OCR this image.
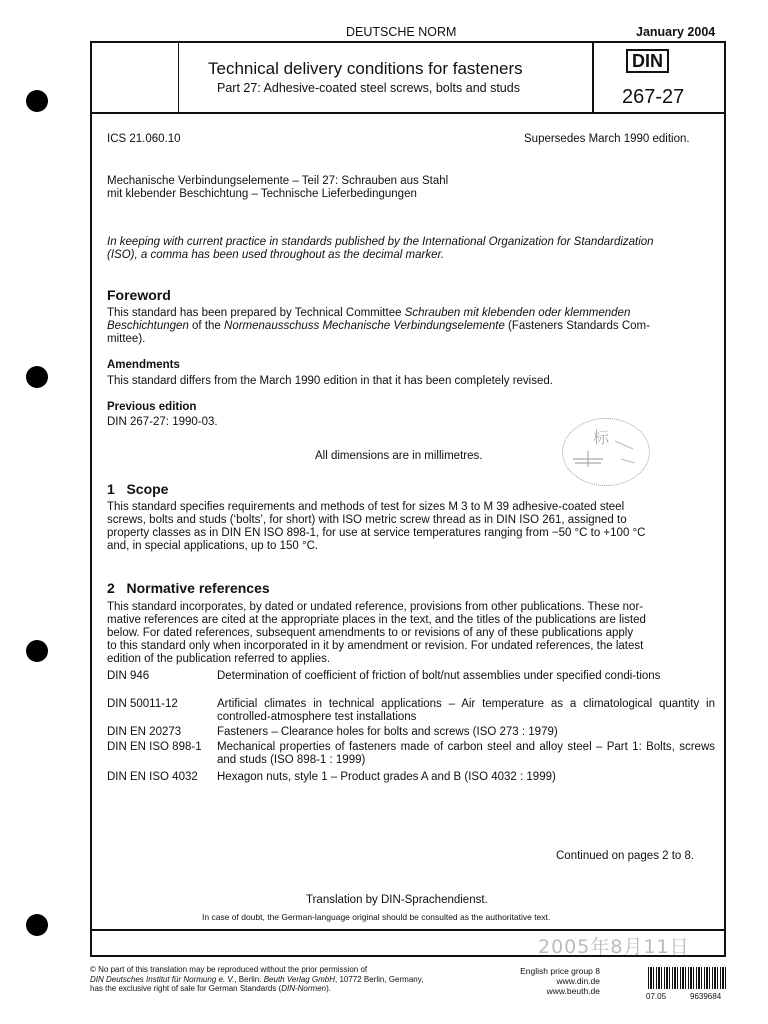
DEUTSCHE NORM	January 2004
Technical delivery conditions for fasteners
Part 27: Adhesive-coated steel screws, bolts and studs
DIN
267-27
ICS 21.060.10	Supersedes March 1990 edition.
Mechanische Verbindungselemente – Teil 27: Schrauben aus Stahl
mit klebender Beschichtung – Technische Lieferbedingungen
In keeping with current practice in standards published by the International Organization for Standardization
(ISO), a comma has been used throughout as the decimal marker.
Foreword
This standard has been prepared by Technical Committee Schrauben mit klebenden oder klemmenden
Beschichtungen of the Normenausschuss Mechanische Verbindungselemente (Fasteners Standards Com-
mittee).
Amendments
This standard differs from the March 1990 edition in that it has been completely revised.
Previous edition
DIN 267-27: 1990-03.
标
All dimensions are in millimetres.
1   Scope
This standard specifies requirements and methods of test for sizes M 3 to M 39 adhesive-coated steel
screws, bolts and studs (‘bolts’, for short) with ISO metric screw thread as in DIN ISO 261, assigned to
property classes as in DIN EN ISO 898-1, for use at service temperatures ranging from −50 °C to +100 °C
and, in special applications, up to 150 °C.
2   Normative references
This standard incorporates, by dated or undated reference, provisions from other publications. These nor-
mative references are cited at the appropriate places in the text, and the titles of the publications are listed
below. For dated references, subsequent amendments to or revisions of any of these publications apply
to this standard only when incorporated in it by amendment or revision. For undated references, the latest
edition of the publication referred to applies.
DIN 946	Determination of coefficient of friction of bolt/nut assemblies under specified condi-tions
DIN 50011-12	Artificial climates in technical applications – Air temperature as a climatological quantity in controlled-atmosphere test installations
DIN EN 20273	Fasteners – Clearance holes for bolts and screws (ISO 273 : 1979)
DIN EN ISO 898-1	Mechanical properties of fasteners made of carbon steel and alloy steel – Part 1: Bolts, screws and studs (ISO 898-1 : 1999)
DIN EN ISO 4032	Hexagon nuts, style 1 – Product grades A and B (ISO 4032 : 1999)
Continued on pages 2 to 8.
Translation by DIN-Sprachendienst.
In case of doubt, the German-language original should be consulted as the authoritative text.
2005年8月11日
© No part of this translation may be reproduced without the prior permission of
DIN Deutsches Institut für Normung e. V., Berlin. Beuth Verlag GmbH, 10772 Berlin, Germany,
has the exclusive right of sale for German Standards (DIN-Normen).
English price group 8
www.din.de
www.beuth.de
07.05	9639684
